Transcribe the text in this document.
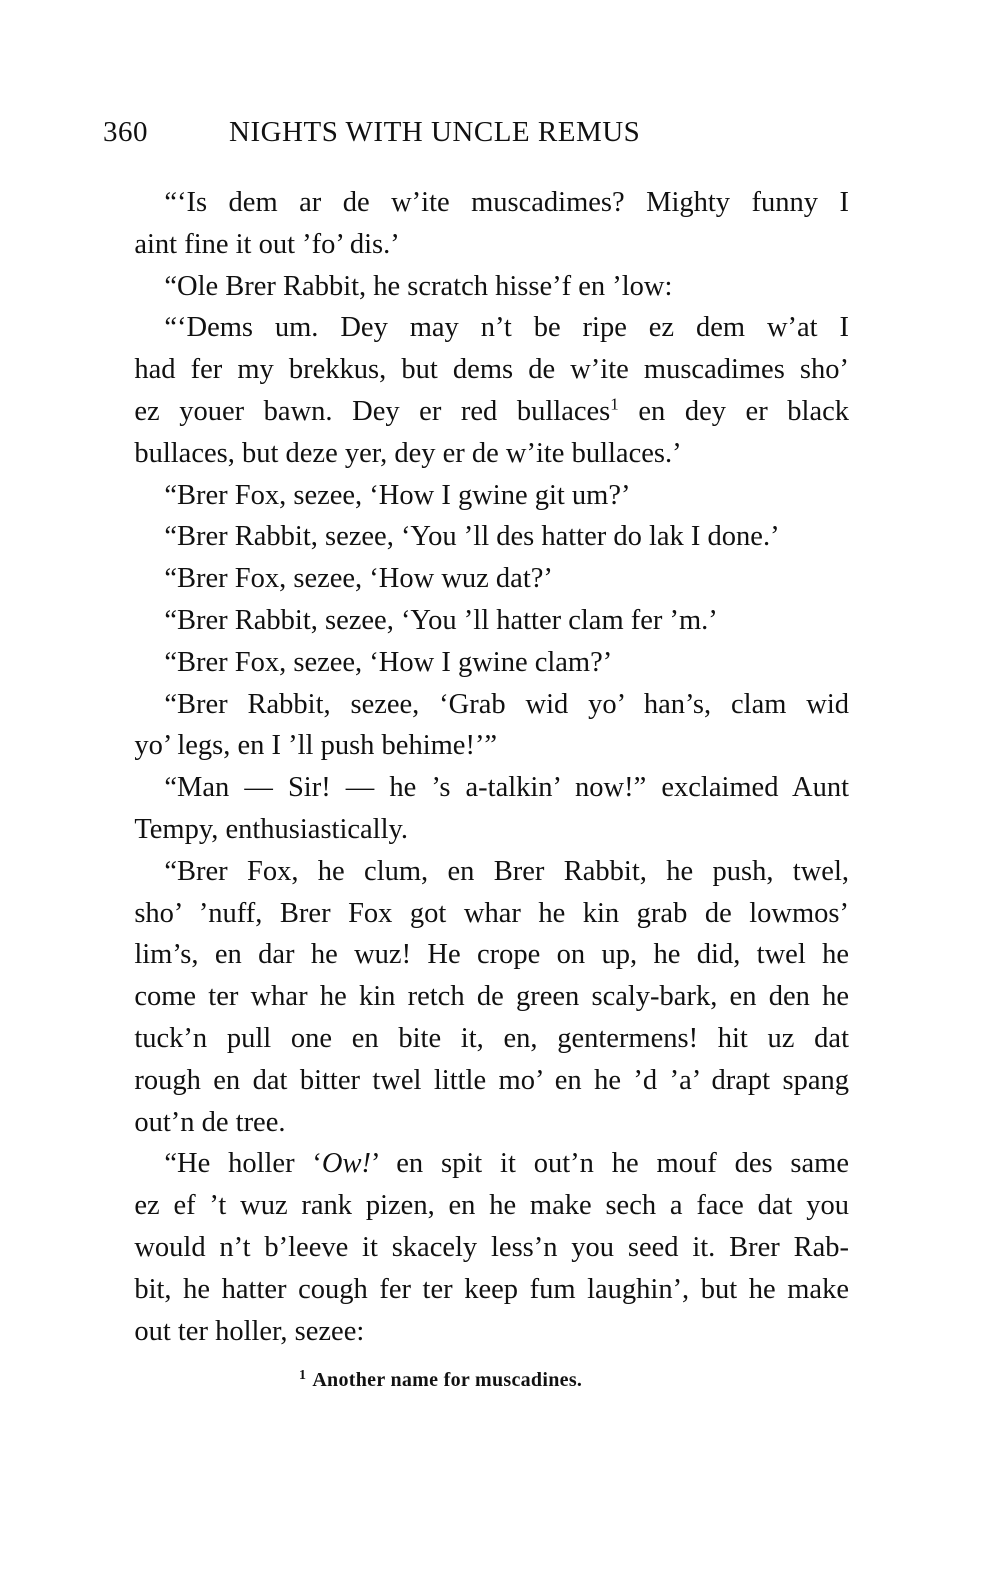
360	NIGHTS WITH UNCLE REMUS

“‘Is dem ar de w’ite muscadimes? Mighty funny I
aint fine it out ’fo’ dis.’

“Ole Brer Rabbit, he scratch hisse’f en ’low:

“‘Dems um. Dey may n’t be ripe ez dem w’at I
had fer my brekkus, but dems de w’ite muscadimes sho’
ez youer bawn. Dey er red bullaces$^1$ en dey er black
bullaces, but deze yer, dey er de w’ite bullaces.’

“Brer Fox, sezee, ‘How I gwine git um?’

“Brer Rabbit, sezee, ‘You ’ll des hatter do lak I done.’

“Brer Fox, sezee, ‘How wuz dat?’

“Brer Rabbit, sezee, ‘You ’ll hatter clam fer ’m.’

“Brer Fox, sezee, ‘How I gwine clam?’

“Brer Rabbit, sezee, ‘Grab wid yo’ han’s, clam wid
yo’ legs, en I ’ll push behime!’”

“Man — Sir! — he ’s a-talkin’ now!” exclaimed Aunt
Tempy, enthusiastically.

“Brer Fox, he clum, en Brer Rabbit, he push, twel,
sho’ ’nuff, Brer Fox got whar he kin grab de lowmos’
lim’s, en dar he wuz! He crope on up, he did, twel he
come ter whar he kin retch de green scaly-bark, en den he
tuck’n pull one en bite it, en, gentermens! hit uz dat
rough en dat bitter twel little mo’ en he ’d ’a’ drapt spang
out’n de tree.

“He holler ‘Ow!’ en spit it out’n he mouf des same
ez ef ’t wuz rank pizen, en he make sech a face dat you
would n’t b’leeve it skacely less’n you seed it. Brer Rab-
bit, he hatter cough fer ter keep fum laughin’, but he make
out ter holler, sezee:

$^1$ Another name for muscadines.
